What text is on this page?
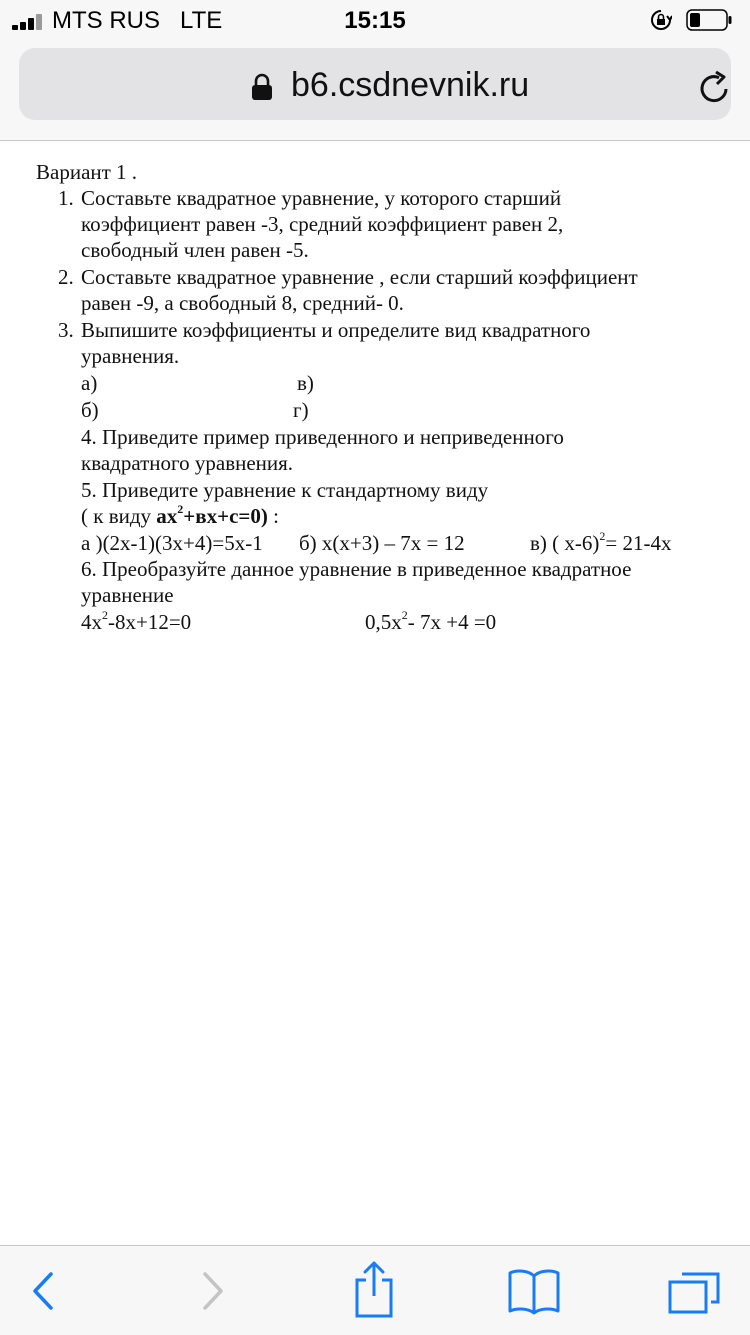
MTS RUS LTE	15:15
b6.csdnevnik.ru
Вариант 1 .
1. Составьте квадратное уравнение, у которого старший
коэффициент равен -3, средний коэффициент равен 2,
свободный член равен -5.
2. Составьте квадратное уравнение , если старший коэффициент
равен -9, а свободный 8, средний- 0.
3. Выпишите коэффициенты и определите вид квадратного
уравнения.
а)	в)
б)	г)
4. Приведите пример приведенного и неприведенного
квадратного уравнения.
5. Приведите уравнение к стандартному виду
( к виду $ax^2+вx+c=0$) :
а )(2x-1)(3x+4)=5x-1 б) x(x+3) – 7x = 12	в) ( x-6)$^2$= 21-4x
6. Преобразуйте данное уравнение в приведенное квадратное
уравнение
$4x^2-8x+12=0$	$0,5x^2-$ 7x +4 =0
